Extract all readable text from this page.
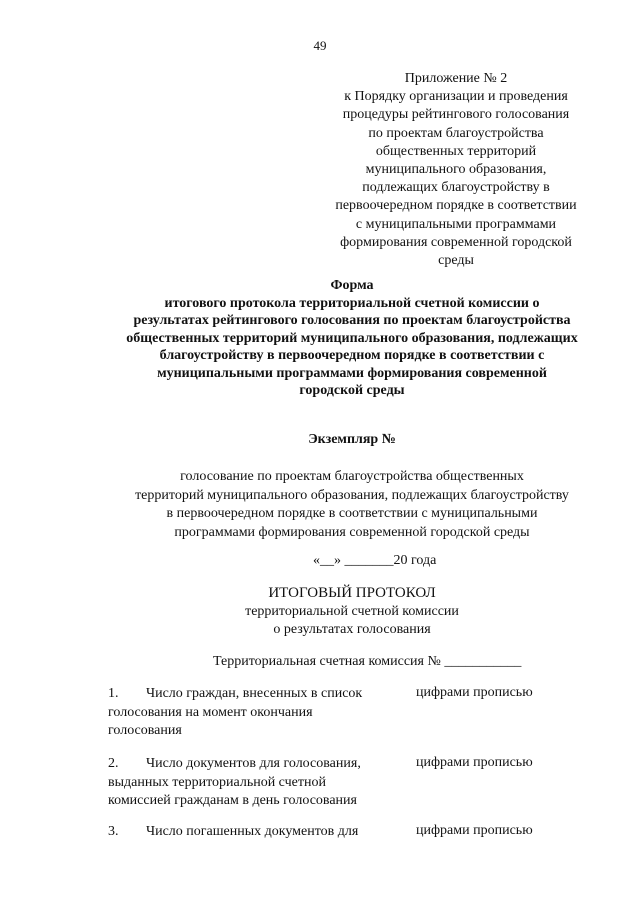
49
Приложение № 2
к Порядку организации и проведения
процедуры рейтингового голосования
по проектам благоустройства
общественных территорий
муниципального образования,
подлежащих благоустройству в
первоочередном порядке в соответствии
с муниципальными программами
формирования современной городской
среды
Форма
итогового протокола территориальной счетной комиссии о
результатах рейтингового голосования по проектам благоустройства
общественных территорий муниципального образования, подлежащих
благоустройству в первоочередном порядке в соответствии с
муниципальными программами формирования современной
городской среды
Экземпляр №
голосование по проектам благоустройства общественных
территорий муниципального образования, подлежащих благоустройству
в первоочередном порядке в соответствии с муниципальными
программами формирования современной городской среды
«__» _______20 года
ИТОГОВЫЙ ПРОТОКОЛ
территориальной счетной комиссии
о результатах голосования
Территориальная счетная комиссия № ___________
1. Число граждан, внесенных в список
голосования на момент окончания
голосования
цифрами прописью
2. Число документов для голосования,
выданных территориальной счетной
комиссией гражданам в день голосования
цифрами прописью
3. Число погашенных документов для	цифрами прописью
